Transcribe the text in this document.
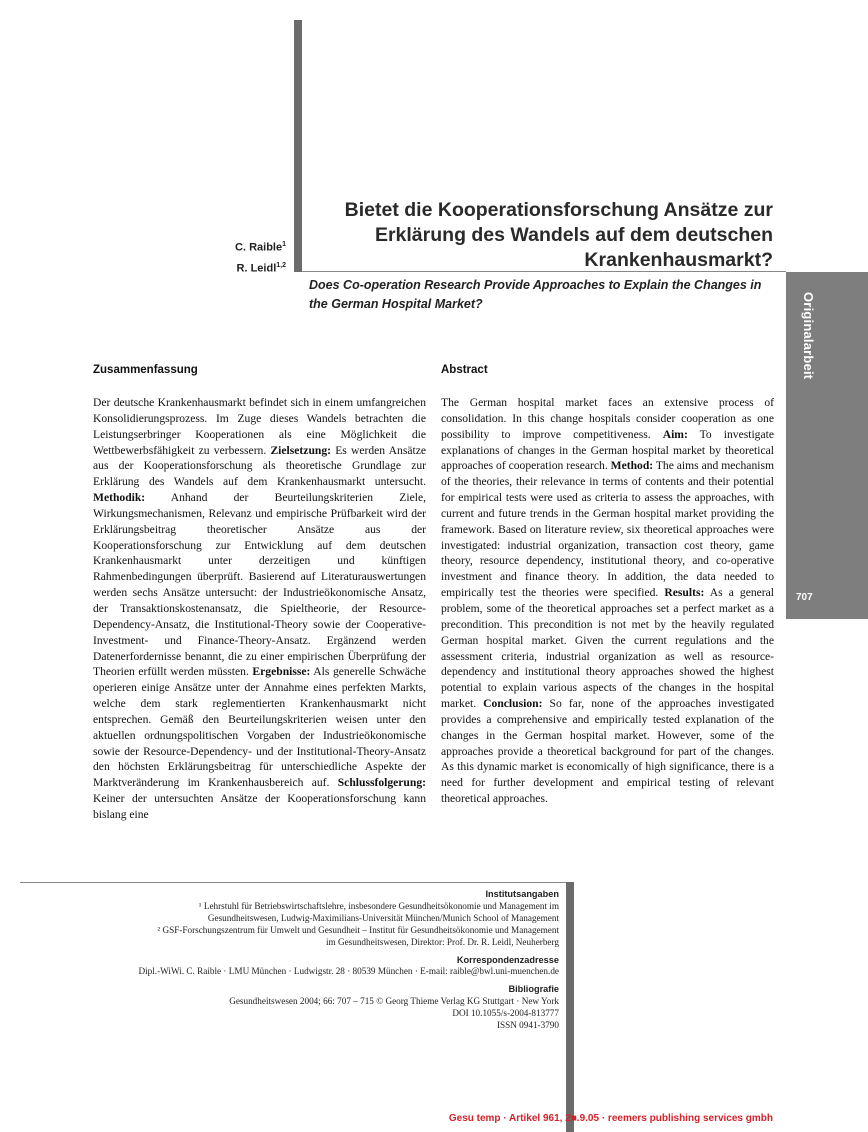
Originalarbeit
707
Bietet die Kooperationsforschung Ansätze zur
Erklärung des Wandels auf dem deutschen
Krankenhausmarkt?
C. Raible$^1$
R. Leidl$^{1,2}$
Does Co-operation Research Provide Approaches to Explain the Changes in the German Hospital Market?
Zusammenfassung	Abstract
Der deutsche Krankenhausmarkt befindet sich in einem umfangreichen Konsolidierungsprozess. Im Zuge dieses Wandels betrachten die Leistungserbringer Kooperationen als eine Möglichkeit die Wettbewerbsfähigkeit zu verbessern. Zielsetzung: Es werden Ansätze aus der Kooperationsforschung als theoretische Grundlage zur Erklärung des Wandels auf dem Krankenhausmarkt untersucht. Methodik: Anhand der Beurteilungskriterien Ziele, Wirkungsmechanismen, Relevanz und empirische Prüfbarkeit wird der Erklärungsbeitrag theoretischer Ansätze aus der Kooperationsforschung zur Entwicklung auf dem deutschen Krankenhausmarkt unter derzeitigen und künftigen Rahmenbedingungen überprüft. Basierend auf Literaturauswertungen werden sechs Ansätze untersucht: der Industrieökonomische Ansatz, der Transaktionskostenansatz, die Spieltheorie, der Resource-Dependency-Ansatz, die Institutional-Theory sowie der Cooperative-Investment- und Finance-Theory-Ansatz. Ergänzend werden Datenerfordernisse benannt, die zu einer empirischen Überprüfung der Theorien erfüllt werden müssten. Ergebnisse: Als generelle Schwäche operieren einige Ansätze unter der Annahme eines perfekten Markts, welche dem stark reglementierten Krankenhausmarkt nicht entsprechen. Gemäß den Beurteilungskriterien weisen unter den aktuellen ordnungspolitischen Vorgaben der Industrieökonomische sowie der Resource-Dependency- und der Institutional-Theory-Ansatz den höchsten Erklärungsbeitrag für unterschiedliche Aspekte der Marktveränderung im Krankenhausbereich auf. Schlussfolgerung: Keiner der untersuchten Ansätze der Kooperationsforschung kann bislang eine
The German hospital market faces an extensive process of consolidation. In this change hospitals consider cooperation as one possibility to improve competitiveness. Aim: To investigate explanations of changes in the German hospital market by theoretical approaches of cooperation research. Method: The aims and mechanism of the theories, their relevance in terms of contents and their potential for empirical tests were used as criteria to assess the approaches, with current and future trends in the German hospital market providing the framework. Based on literature review, six theoretical approaches were investigated: industrial organization, transaction cost theory, game theory, resource dependency, institutional theory, and co-operative investment and finance theory. In addition, the data needed to empirically test the theories were specified. Results: As a general problem, some of the theoretical approaches set a perfect market as a precondition. This precondition is not met by the heavily regulated German hospital market. Given the current regulations and the assessment criteria, industrial organization as well as resource-dependency and institutional theory approaches showed the highest potential to explain various aspects of the changes in the hospital market. Conclusion: So far, none of the approaches investigated provides a comprehensive and empirically tested explanation of the changes in the German hospital market. However, some of the approaches provide a theoretical background for part of the changes. As this dynamic market is economically of high significance, there is a need for further development and empirical testing of relevant theoretical approaches.

Institutsangaben

¹ Lehrstuhl für Betriebswirtschaftslehre, insbesondere Gesundheitsökonomie und Management im

Gesundheitswesen, Ludwig-Maximilians-Universität München/Munich School of Management

² GSF-Forschungszentrum für Umwelt und Gesundheit – Institut für Gesundheitsökonomie und Management

im Gesundheitswesen, Direktor: Prof. Dr. R. Leidl, Neuherberg

Korrespondenzadresse

Dipl.-WiWi. C. Raible · LMU München · Ludwigstr. 28 · 80539 München · E-mail: raible@bwl.uni-muenchen.de

Bibliografie

Gesundheitswesen 2004; 66: 707 – 715 © Georg Thieme Verlag KG Stuttgart · New York

DOI 10.1055/s-2004-813777

ISSN 0941-3790

Gesu temp · Artikel 961, 2■.9.05 · reemers publishing services gmbh
